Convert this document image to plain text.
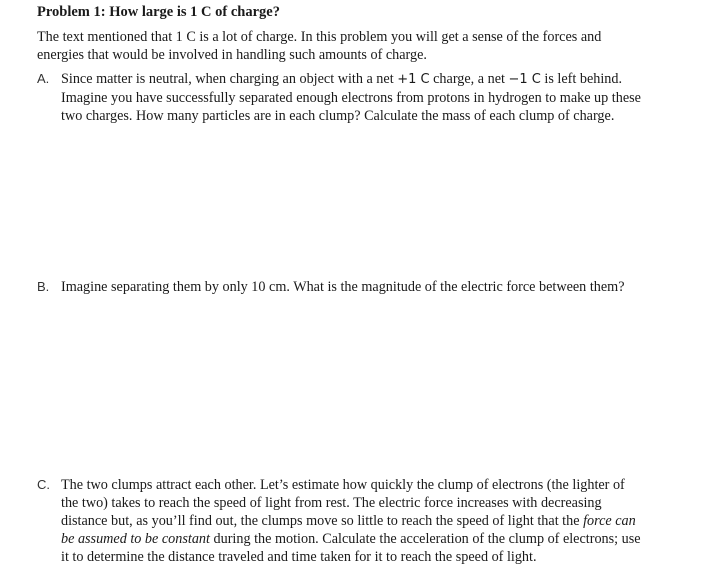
Problem 1: How large is 1 C of charge?
The text mentioned that 1 C is a lot of charge. In this problem you will get a sense of the forces and
energies that would be involved in handling such amounts of charge.
A. Since matter is neutral, when charging an object with a net +1 C charge, a net −1 C is left behind.
Imagine you have successfully separated enough electrons from protons in hydrogen to make up these
two charges. How many particles are in each clump? Calculate the mass of each clump of charge.
B. Imagine separating them by only 10 cm. What is the magnitude of the electric force between them?
C. The two clumps attract each other. Let’s estimate how quickly the clump of electrons (the lighter of
the two) takes to reach the speed of light from rest. The electric force increases with decreasing
distance but, as you’ll find out, the clumps move so little to reach the speed of light that the force can
be assumed to be constant during the motion. Calculate the acceleration of the clump of electrons; use
it to determine the distance traveled and time taken for it to reach the speed of light.
